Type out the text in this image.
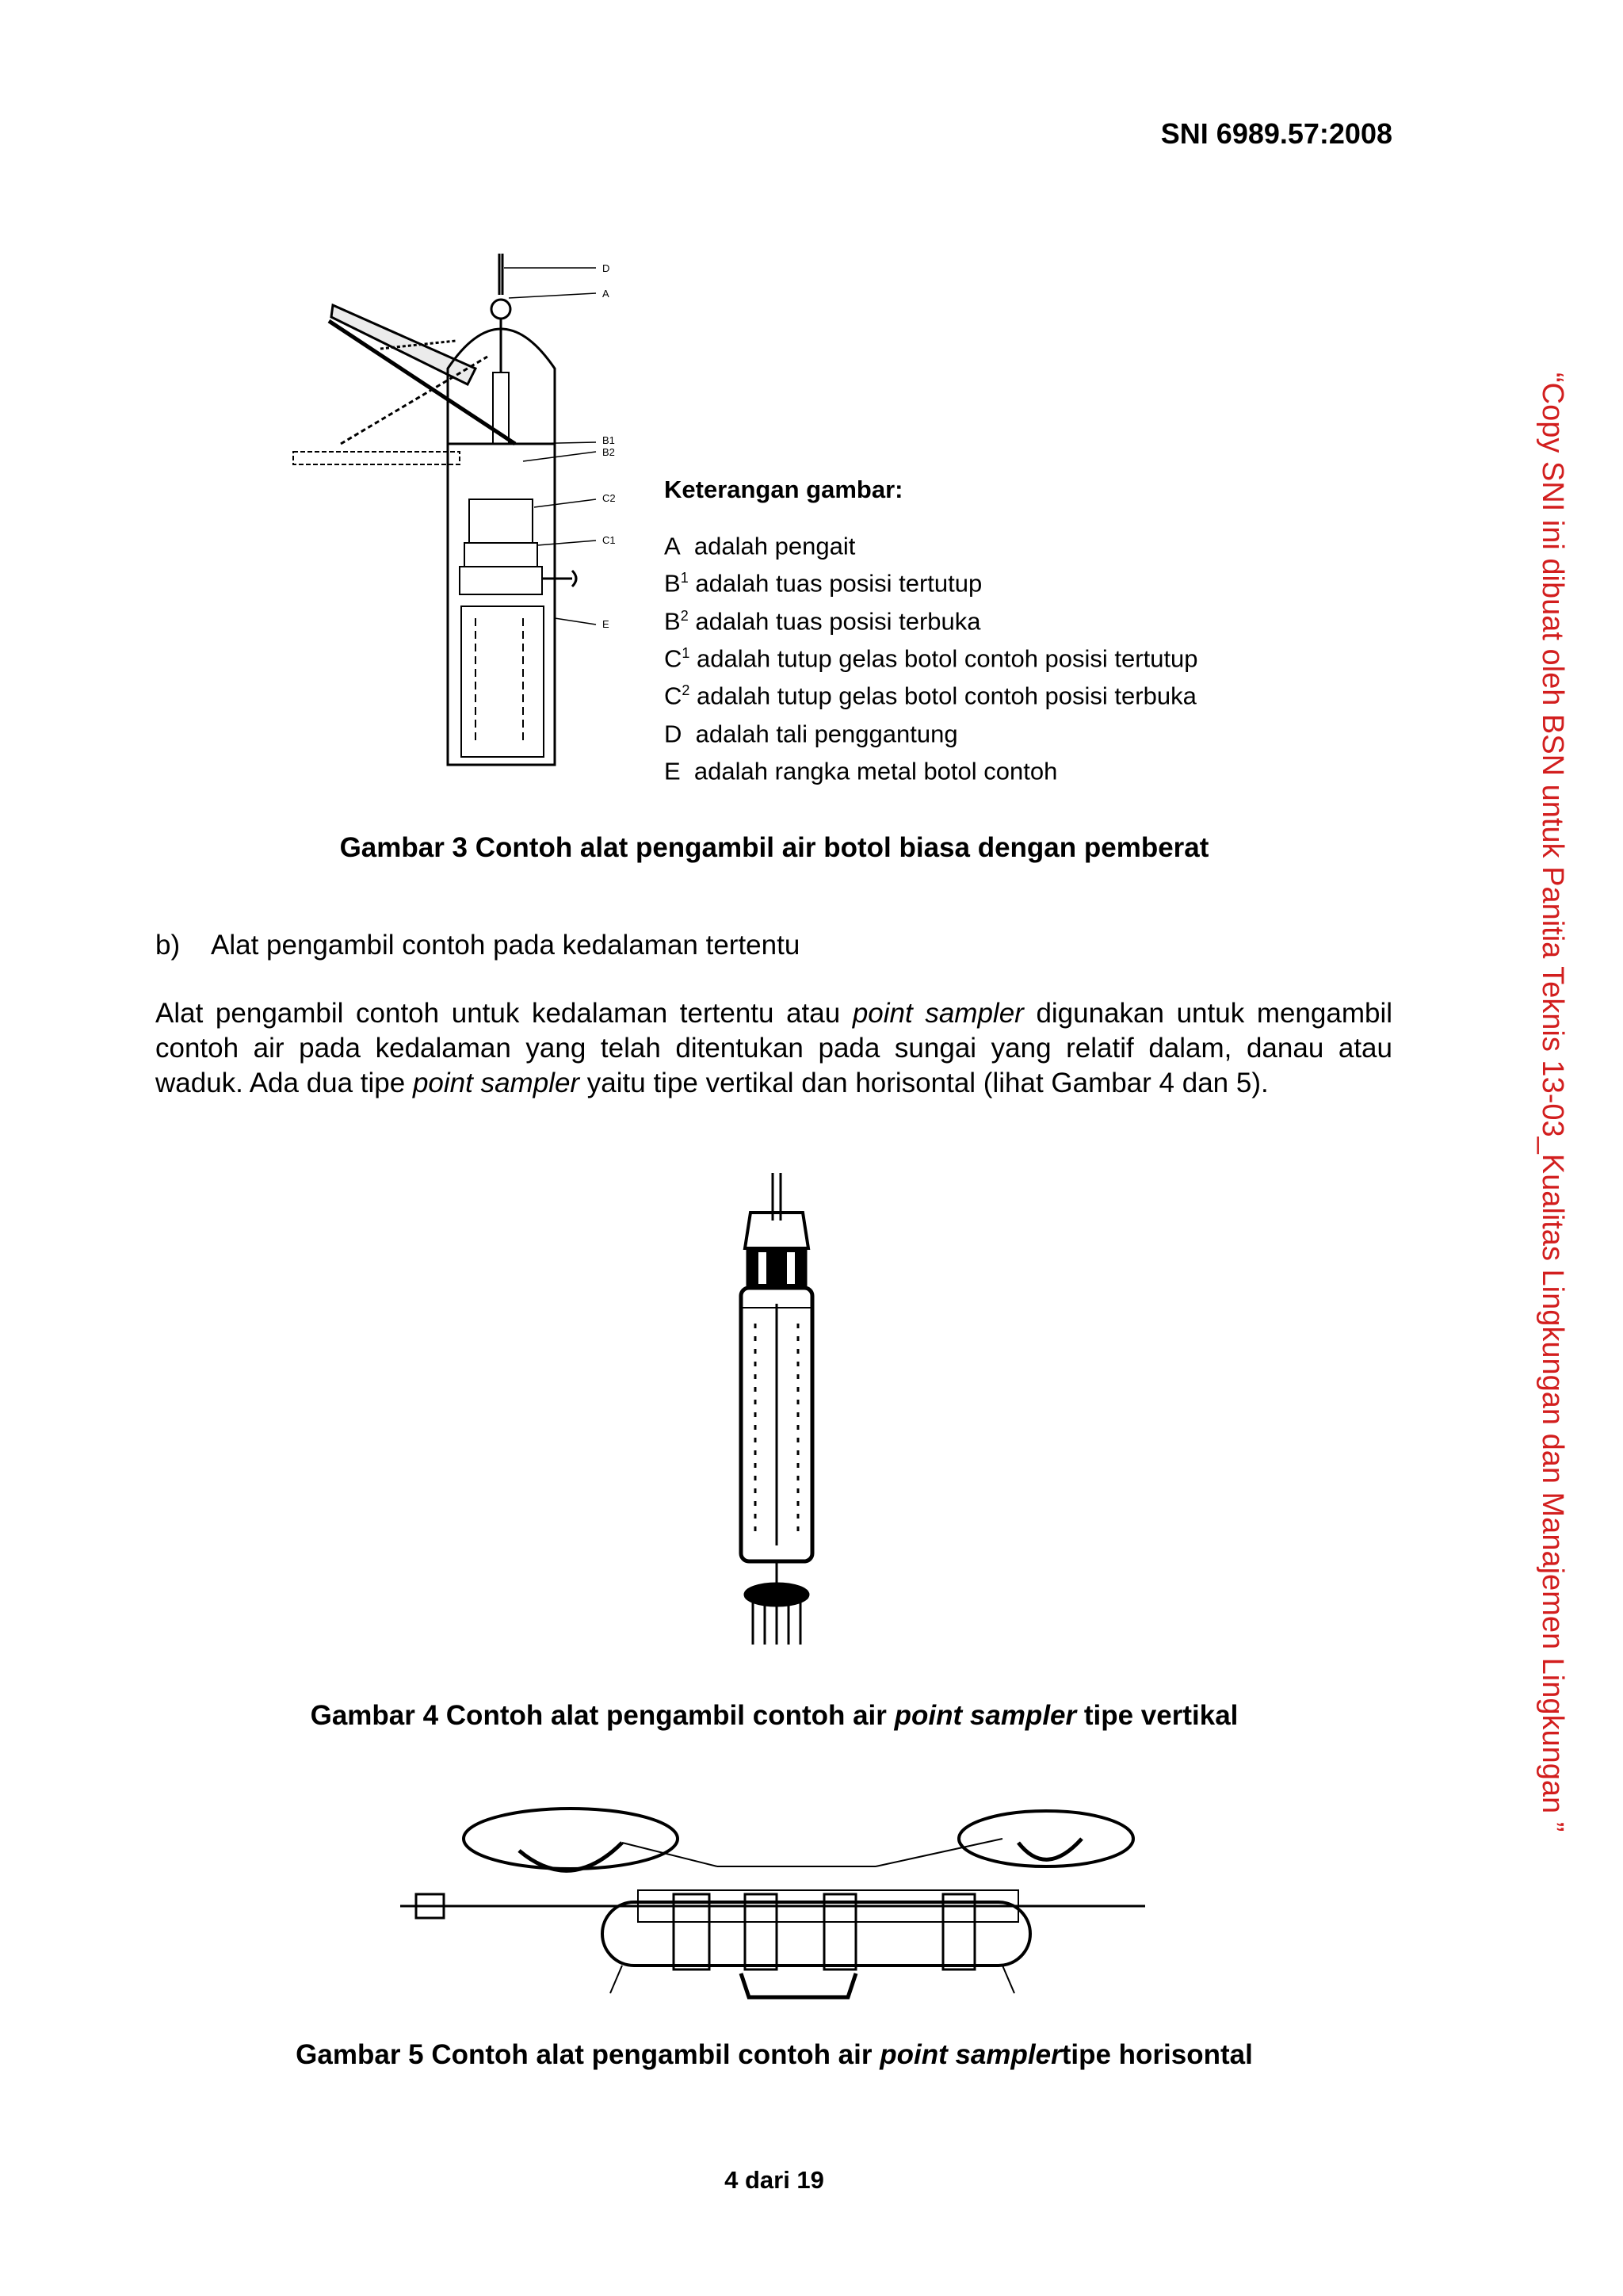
SNI 6989.57:2008
D
A
B1
B2
C2
C1
E
Keterangan gambar:
A adalah pengait
$B^1$ adalah tuas posisi tertutup
$B^2$ adalah tuas posisi terbuka
$C^1$ adalah tutup gelas botol contoh posisi tertutup
$C^2$ adalah tutup gelas botol contoh posisi terbuka
D adalah tali penggantung
E adalah rangka metal botol contoh
Gambar 3 Contoh alat pengambil air botol biasa dengan pemberat
b) Alat pengambil contoh pada kedalaman tertentu
Alat pengambil contoh untuk kedalaman tertentu atau point sampler digunakan untuk mengambil contoh air pada kedalaman yang telah ditentukan pada sungai yang relatif dalam, danau atau waduk. Ada dua tipe point sampler yaitu tipe vertikal dan horisontal (lihat Gambar 4 dan 5).
Gambar 4 Contoh alat pengambil contoh air point sampler tipe vertikal
Gambar 5 Contoh alat pengambil contoh air point samplertipe horisontal
4 dari 19
“Copy SNI ini dibuat oleh BSN untuk Panitia Teknis 13-03_Kualitas Lingkungan dan Manajemen Lingkungan ”
